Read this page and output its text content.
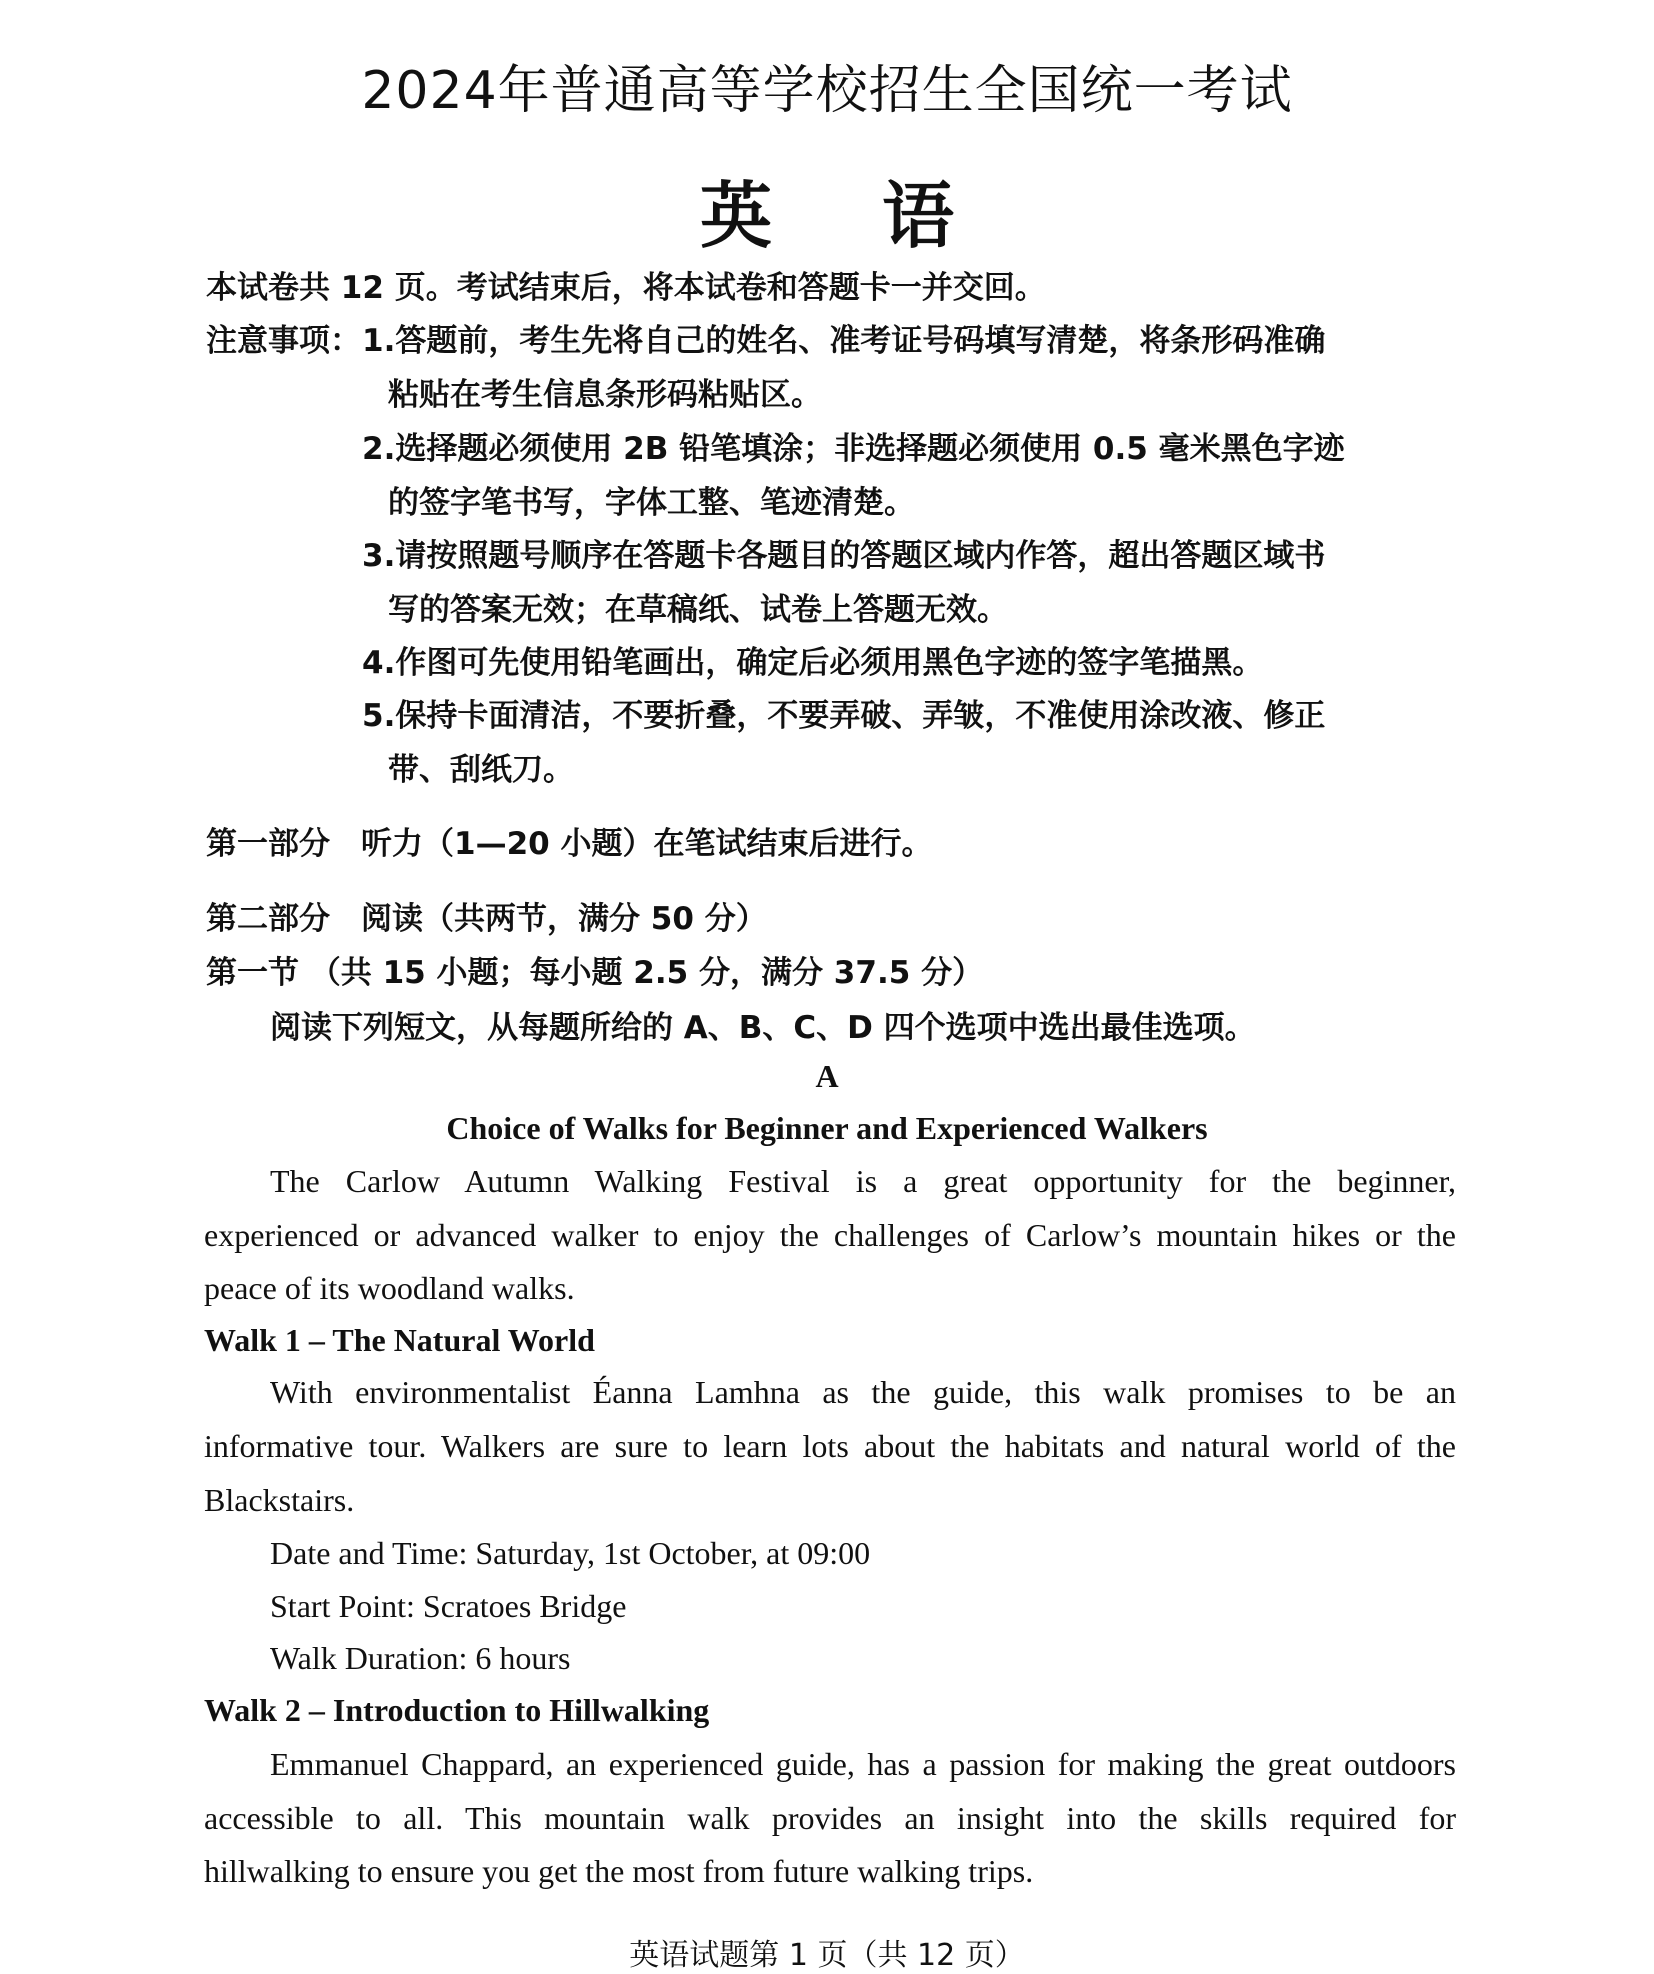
2024年普通高等学校招生全国统一考试
英 语
本试卷共 12 页。考试结束后，将本试卷和答题卡一并交回。
注意事项： 1.答题前，考生先将自己的姓名、准考证号码填写清楚，将条形码准确
粘贴在考生信息条形码粘贴区。
2.选择题必须使用 2B 铅笔填涂；非选择题必须使用 0.5 毫米黑色字迹
的签字笔书写，字体工整、笔迹清楚。
3.请按照题号顺序在答题卡各题目的答题区域内作答，超出答题区域书
写的答案无效；在草稿纸、试卷上答题无效。
4.作图可先使用铅笔画出，确定后必须用黑色字迹的签字笔描黑。
5.保持卡面清洁，不要折叠，不要弄破、弄皱，不准使用涂改液、修正
带、刮纸刀。
第一部分　听力（1—20 小题）在笔试结束后进行。
第二部分　阅读（共两节，满分 50 分）
第一节 （共 15 小题；每小题 2.5 分，满分 37.5 分）
阅读下列短文，从每题所给的 A、B、C、D 四个选项中选出最佳选项。
A
Choice of Walks for Beginner and Experienced Walkers
The Carlow Autumn Walking Festival is a great opportunity for the beginner,
experienced or advanced walker to enjoy the challenges of Carlow’s mountain hikes or the
peace of its woodland walks.
Walk 1 – The Natural World
With environmentalist Éanna Lamhna as the guide, this walk promises to be an
informative tour. Walkers are sure to learn lots about the habitats and natural world of the
Blackstairs.
Date and Time: Saturday, 1st October, at 09:00
Start Point: Scratoes Bridge
Walk Duration: 6 hours
Walk 2 – Introduction to Hillwalking
Emmanuel Chappard, an experienced guide, has a passion for making the great outdoors
accessible to all. This mountain walk provides an insight into the skills required for
hillwalking to ensure you get the most from future walking trips.
英语试题第 1 页（共 12 页）
